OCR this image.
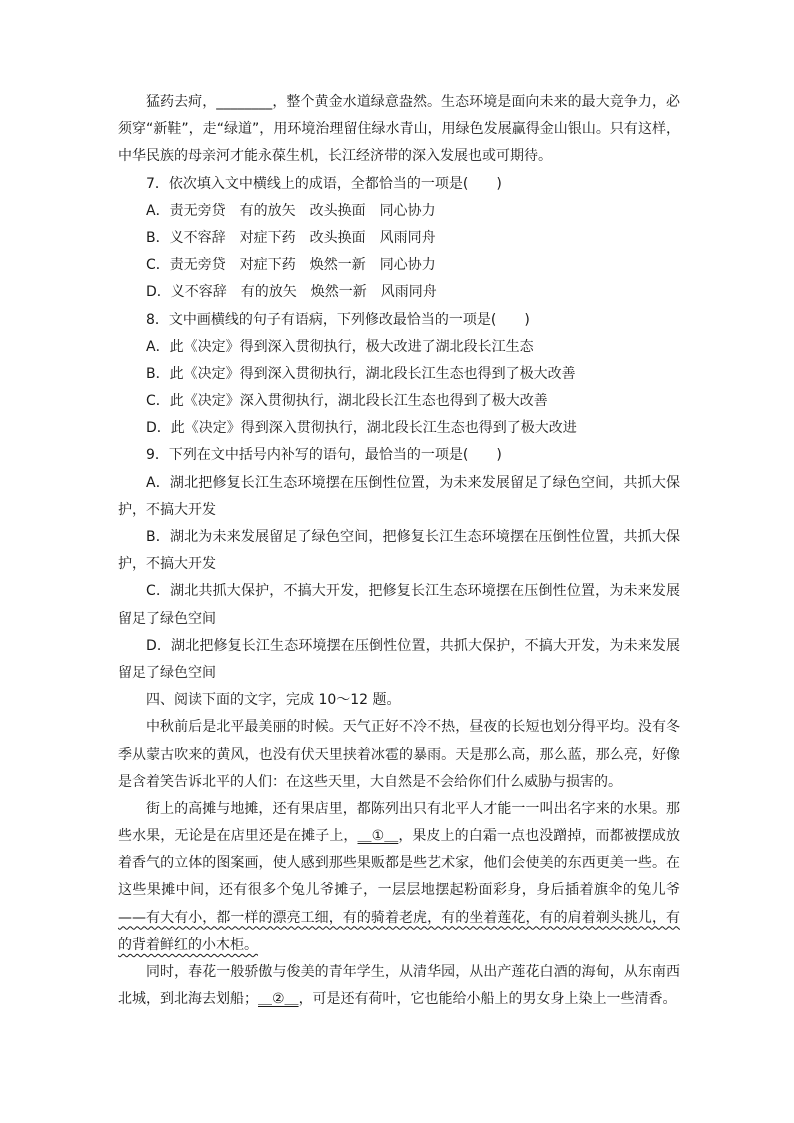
猛药去疴，________，整个黄金水道绿意盎然。生态环境是面向未来的最大竞争力，必
须穿“新鞋”，走“绿道”，用环境治理留住绿水青山，用绿色发展赢得金山银山。只有这样，
中华民族的母亲河才能永葆生机，长江经济带的深入发展也或可期待。
7．依次填入文中横线上的成语，全都恰当的一项是(　　)
A．责无旁贷　有的放矢　改头换面　同心协力
B．义不容辞　对症下药　改头换面　风雨同舟
C．责无旁贷　对症下药　焕然一新　同心协力
D．义不容辞　有的放矢　焕然一新　风雨同舟
8．文中画横线的句子有语病，下列修改最恰当的一项是(　　)
A．此《决定》得到深入贯彻执行，极大改进了湖北段长江生态
B．此《决定》得到深入贯彻执行，湖北段长江生态也得到了极大改善
C．此《决定》深入贯彻执行，湖北段长江生态也得到了极大改善
D．此《决定》得到深入贯彻执行，湖北段长江生态也得到了极大改进
9．下列在文中括号内补写的语句，最恰当的一项是(　　)
A．湖北把修复长江生态环境摆在压倒性位置，为未来发展留足了绿色空间，共抓大保
护，不搞大开发
B．湖北为未来发展留足了绿色空间，把修复长江生态环境摆在压倒性位置，共抓大保
护，不搞大开发
C．湖北共抓大保护，不搞大开发，把修复长江生态环境摆在压倒性位置，为未来发展
留足了绿色空间
D．湖北把修复长江生态环境摆在压倒性位置，共抓大保护，不搞大开发，为未来发展
留足了绿色空间
四、阅读下面的文字，完成 10～12 题。
中秋前后是北平最美丽的时候。天气正好不冷不热，昼夜的长短也划分得平均。没有冬
季从蒙古吹来的黄风，也没有伏天里挟着冰雹的暴雨。天是那么高，那么蓝，那么亮，好像
是含着笑告诉北平的人们：在这些天里，大自然是不会给你们什么威胁与损害的。
街上的高摊与地摊，还有果店里，都陈列出只有北平人才能一一叫出名字来的水果。那
些水果，无论是在店里还是在摊子上，＿①＿，果皮上的白霜一点也没蹭掉，而都被摆成放
着香气的立体的图案画，使人感到那些果贩都是些艺术家，他们会使美的东西更美一些。在
这些果摊中间，还有很多个兔儿爷摊子，一层层地摆起粉面彩身，身后插着旗伞的兔儿爷
——有大有小，都一样的漂亮工细，有的骑着老虎，有的坐着莲花，有的肩着剃头挑儿，有
的背着鲜红的小木柜。
同时，春花一般骄傲与俊美的青年学生，从清华园，从出产莲花白酒的海甸，从东南西
北城，到北海去划船；＿②＿，可是还有荷叶，它也能给小船上的男女身上染上一些清香。
